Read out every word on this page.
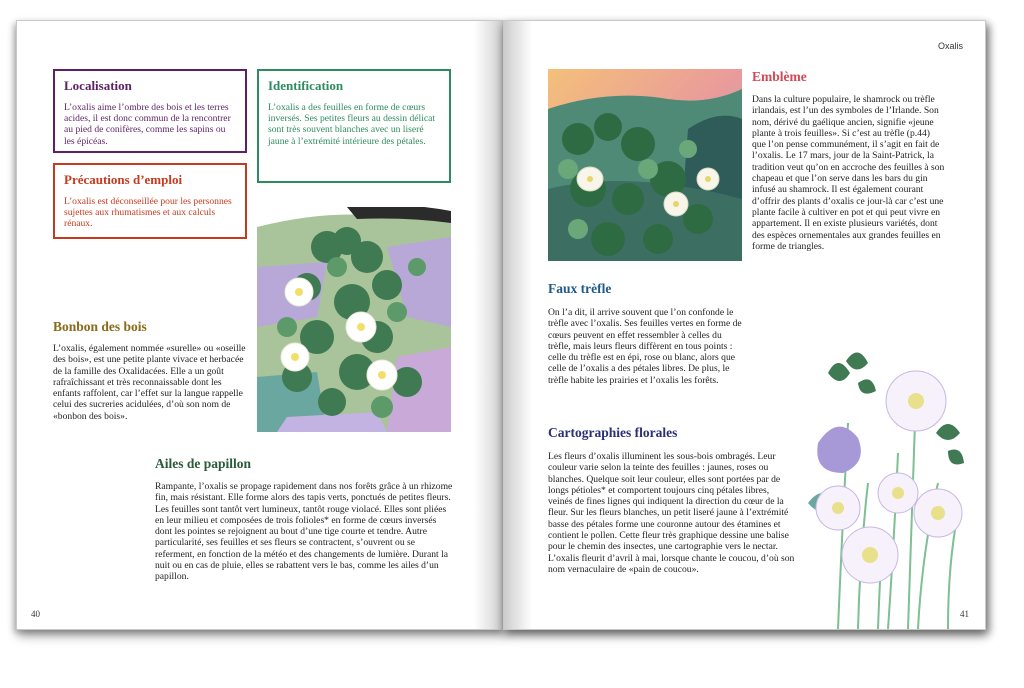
Localisation

L’oxalis aime l’ombre des bois et les terres acides, il est donc commun de la rencontrer au pied de conifères, comme les sapins ou les épicéas.

Identification

L’oxalis a des feuilles en forme de cœurs inversés. Ses petites fleurs au dessin délicat sont très souvent blanches avec un liseré jaune à l’extrémité intérieure des pétales.

Précautions d’emploi

L’oxalis est déconseillée pour les personnes sujettes aux rhumatismes et aux calculs rénaux.

Bonbon des bois
L’oxalis, également nommée «surelle» ou «oseille des bois», est une petite plante vivace et herbacée de la famille des Oxalidacées. Elle a un goût rafraîchissant et très reconnaissable dont les enfants raffolent, car l’effet sur la langue rappelle celui des sucreries acidulées, d’où son nom de «bonbon des bois».
Ailes de papillon
Rampante, l’oxalis se propage rapidement dans nos forêts grâce à un rhizome fin, mais résistant. Elle forme alors des tapis verts, ponctués de petites fleurs. Les feuilles sont tantôt vert lumineux, tantôt rouge violacé. Elles sont pliées en leur milieu et composées de trois folioles* en forme de cœurs inversés dont les pointes se rejoignent au bout d’une tige courte et tendre. Autre particularité, ses feuilles et ses fleurs se contractent, s’ouvrent ou se referment, en fonction de la météo et des changements de lumière. Durant la nuit ou en cas de pluie, elles se rabattent vers le bas, comme les ailes d’un papillon.
40
Oxalis
Emblème
Dans la culture populaire, le shamrock ou trèfle irlandais, est l’un des symboles de l’Irlande. Son nom, dérivé du gaélique ancien, signifie «jeune plante à trois feuilles». Si c’est au trèfle (p.44) que l’on pense communément, il s’agit en fait de l’oxalis. Le 17 mars, jour de la Saint-Patrick, la tradition veut qu’on en accroche des feuilles à son chapeau et que l’on serve dans les bars du gin infusé au shamrock. Il est également courant d’offrir des plants d’oxalis ce jour-là car c’est une plante facile à cultiver en pot et qui peut vivre en appartement. Il en existe plusieurs variétés, dont des espèces ornementales aux grandes feuilles en forme de triangles.
Faux trèfle
On l’a dit, il arrive souvent que l’on confonde le trèfle avec l’oxalis. Ses feuilles vertes en forme de cœurs peuvent en effet ressembler à celles du trèfle, mais leurs fleurs diffèrent en tous points : celle du trèfle est en épi, rose ou blanc, alors que celle de l’oxalis a des pétales libres. De plus, le trèfle habite les prairies et l’oxalis les forêts.
Cartographies florales
Les fleurs d’oxalis illuminent les sous-bois ombragés. Leur couleur varie selon la teinte des feuilles : jaunes, roses ou blanches. Quelque soit leur couleur, elles sont portées par de longs pétioles* et comportent toujours cinq pétales libres, veinés de fines lignes qui indiquent la direction du cœur de la fleur. Sur les fleurs blanches, un petit liseré jaune à l’extrémité basse des pétales forme une couronne autour des étamines et contient le pollen. Cette fleur très graphique dessine une balise pour le chemin des insectes, une cartographie vers le nectar. L’oxalis fleurit d’avril à mai, lorsque chante le coucou, d’où son nom vernaculaire de «pain de coucou».
41
